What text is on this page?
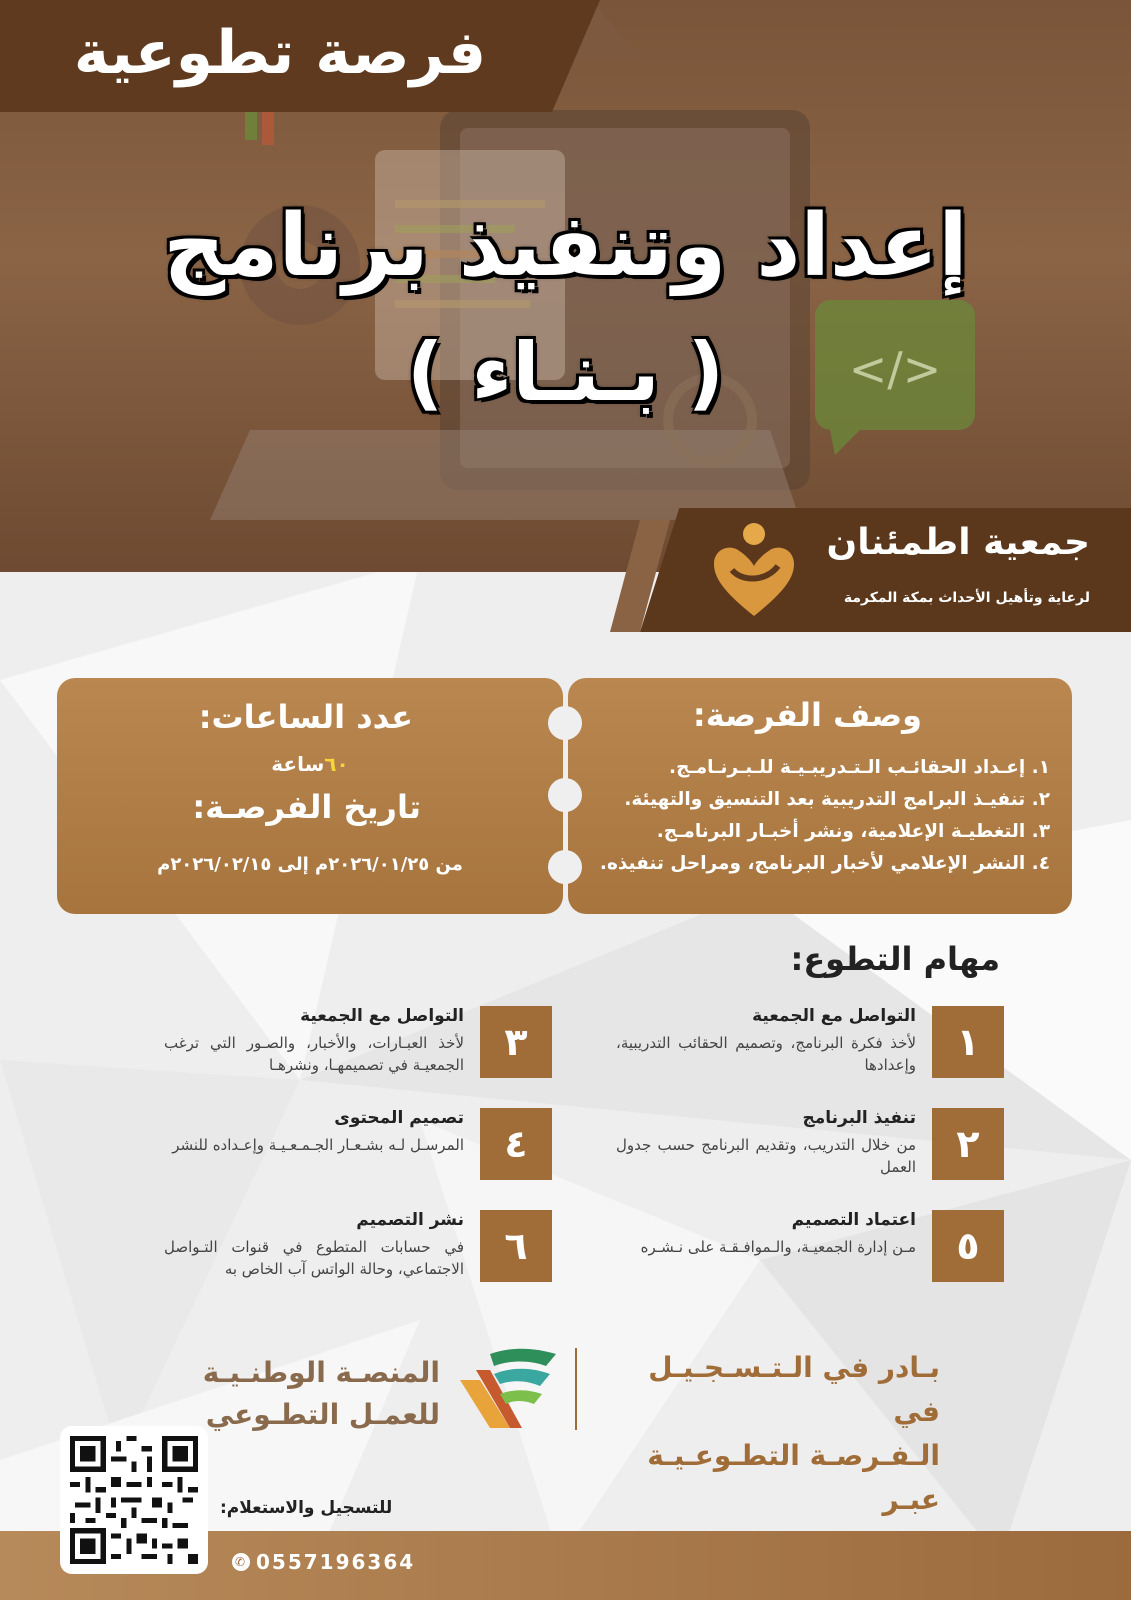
</>
فرصة تطوعية
إعداد وتنفيذ برنامج
( بـنـاء )
جمعية اطمئنان
لرعاية وتأهيل الأحداث بمكة المكرمة
وصف الفرصة:
١. إعـداد الحقائـب الـتـدريبـيـة للـبـرنـامـج.
٢. تنفيـذ البرامج التدريبية بعد التنسيق والتهيئة.
٣. التغطيـة الإعلامية، ونشر أخبـار البرنامـج.
٤. النشر الإعلامي لأخبار البرنامج، ومراحل تنفيذه.
عدد الساعات:
٦٠ساعة
تاريخ الفرصـة:
من ٢٠٢٦/٠١/٢٥م إلى ٢٠٢٦/٠٢/١٥م
مهام التطوع:
١
التواصل مع الجمعية
لأخذ فكرة البرنامج، وتصميم الحقائب التدريبية، وإعدادها
٣
التواصل مع الجمعية
لأخذ العبـارات، والأخبار، والصـور التي ترغب الجمعيـة في تصميمهـا، ونشرهـا
٢
تنفيذ البرنامج
من خلال التدريب، وتقديم البرنامج حسب جدول العمل
٤
تصميم المحتوى
المرسـل لـه بشـعـار الجـمـعـيـة وإعـداده للنشر
٥
اعتماد التصميم
مـن إدارة الجمعيـة، والـموافـقـة على نـشـره
٦
نشر التصميم
في حسابات المتطوع في قنوات التـواصل الاجتماعي، وحالة الواتس آب الخاص به
بـادر في الـتـسـجـيـل في
الـفـرصـة التطـوعـيـة عبـر
المنصـة الوطنـيـة
للعمـل التطـوعي
للتسجيل والاستعلام:
✆ 0557196364
